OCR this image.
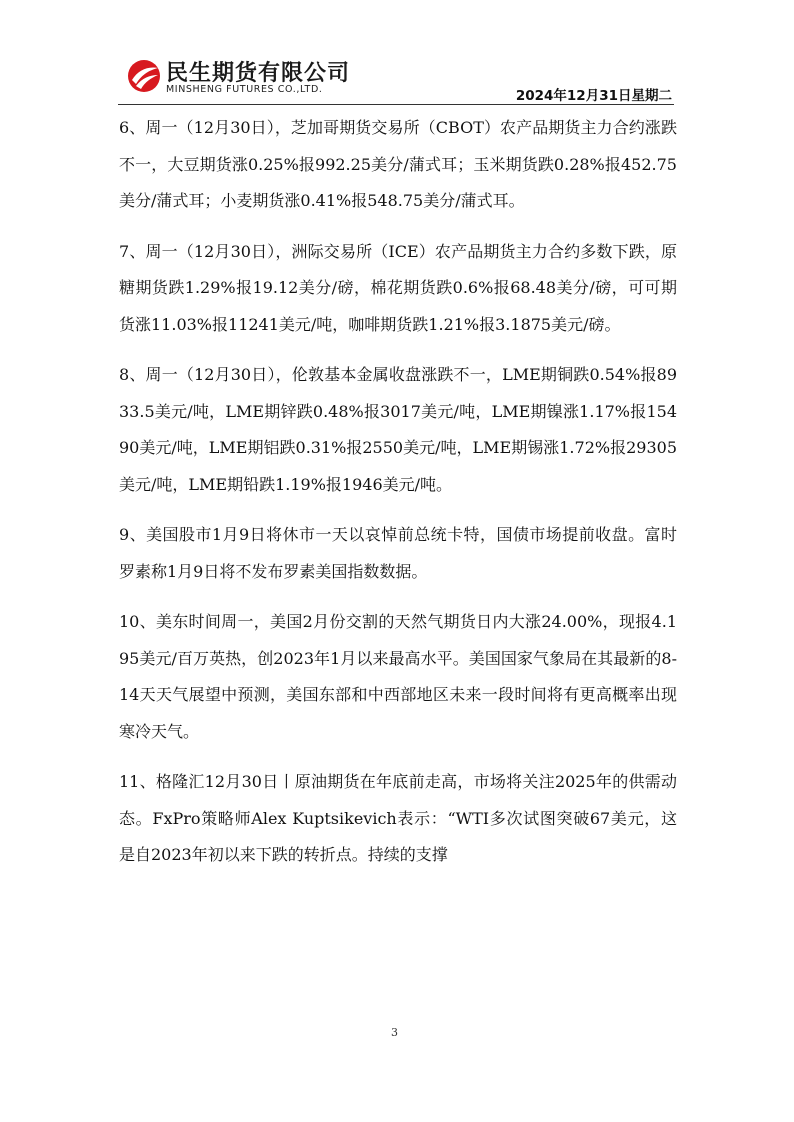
民生期货有限公司
MINSHENG FUTURES CO.,LTD.	2024年12月31日星期二

6、周一（12月30日），芝加哥期货交易所（CBOT）农产品期货主力合约涨跌不一，大豆期货涨0.25%报992.25美分/蒲式耳；玉米期货跌0.28%报452.75美分/蒲式耳；小麦期货涨0.41%报548.75美分/蒲式耳。

7、周一（12月30日），洲际交易所（ICE）农产品期货主力合约多数下跌，原糖期货跌1.29%报19.12美分/磅，棉花期货跌0.6%报68.48美分/磅，可可期货涨11.03%报11241美元/吨，咖啡期货跌1.21%报3.1875美元/磅。

8、周一（12月30日），伦敦基本金属收盘涨跌不一，LME期铜跌0.54%报8933.5美元/吨，LME期锌跌0.48%报3017美元/吨，LME期镍涨1.17%报15490美元/吨，LME期铝跌0.31%报2550美元/吨，LME期锡涨1.72%报29305美元/吨，LME期铅跌1.19%报1946美元/吨。

9、美国股市1月9日将休市一天以哀悼前总统卡特，国债市场提前收盘。富时罗素称1月9日将不发布罗素美国指数数据。

10、美东时间周一，美国2月份交割的天然气期货日内大涨24.00%，现报4.195美元/百万英热，创2023年1月以来最高水平。美国国家气象局在其最新的8-14天天气展望中预测，美国东部和中西部地区未来一段时间将有更高概率出现寒冷天气。

11、格隆汇12月30日丨原油期货在年底前走高，市场将关注2025年的供需动态。FxPro策略师Alex Kuptsikevich表示：“WTI多次试图突破67美元，这是自2023年初以来下跌的转折点。持续的支撑

3
